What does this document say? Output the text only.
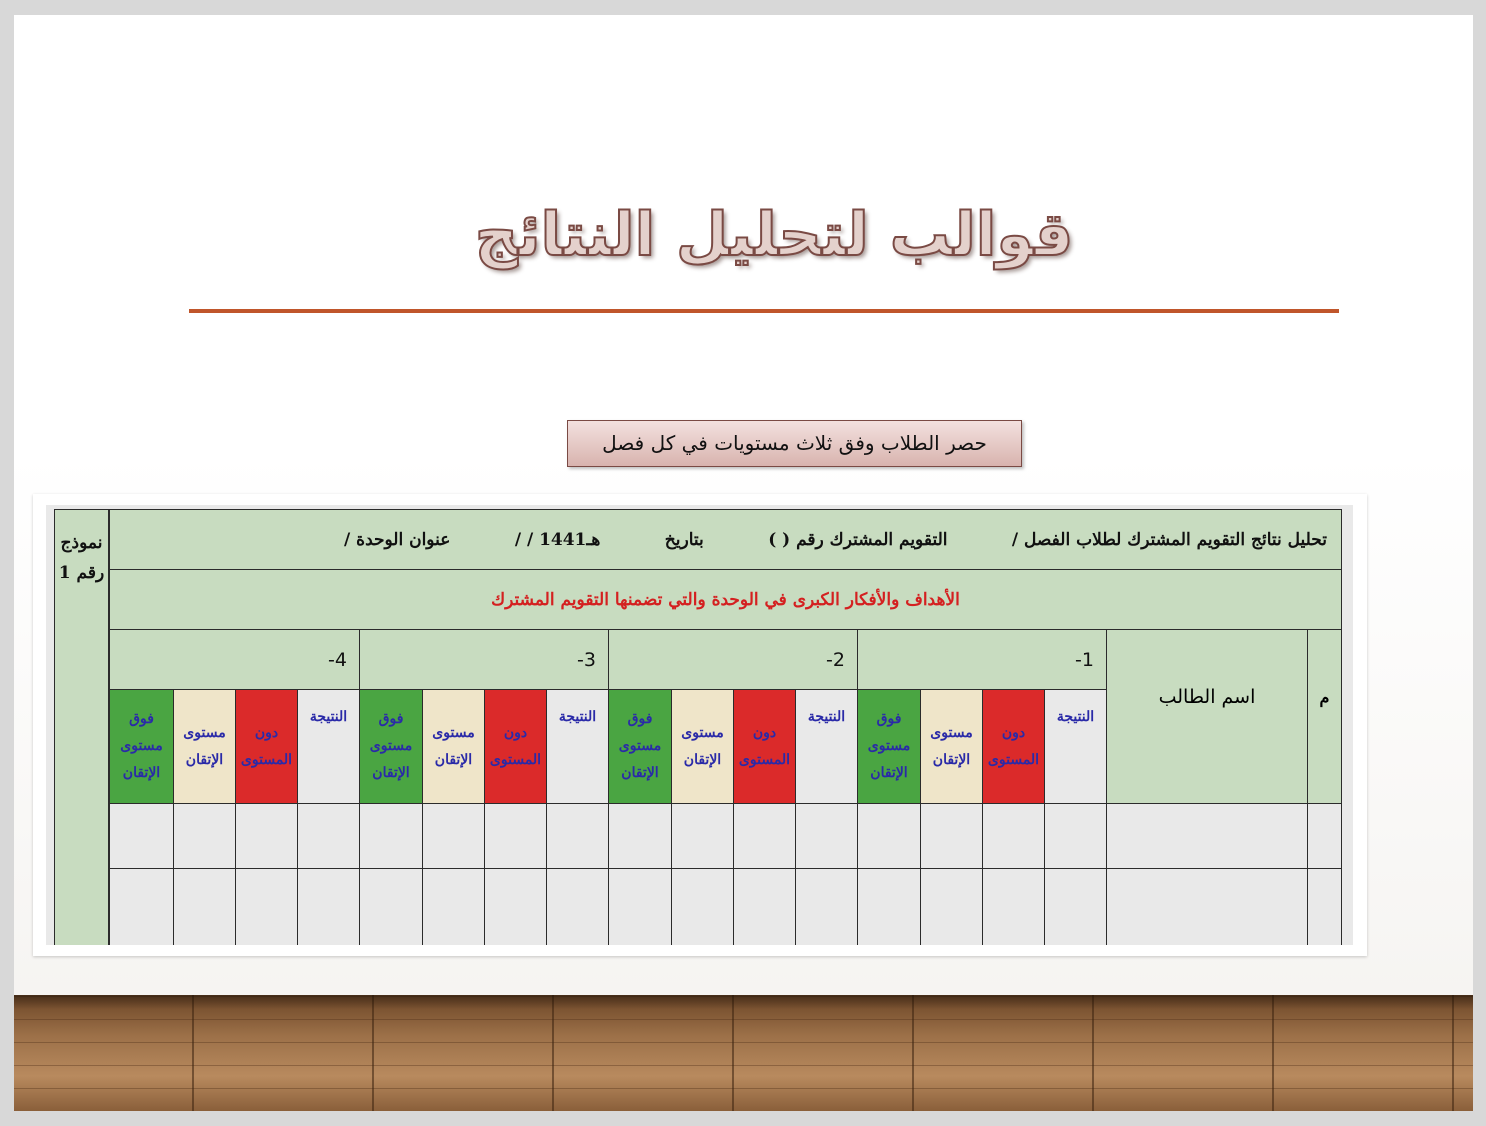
قوالب لتحليل النتائج
حصر الطلاب وفق ثلاث مستويات في كل فصل
نموذج رقم 1
تحليل نتائج التقويم المشترك لطلاب الفصل /
التقويم المشترك رقم ( )
بتاريخ
/ / 1441هـ
عنوان الوحدة /
الأهداف والأفكار الكبرى في الوحدة والتي تضمنها التقويم المشترك
م
اسم الطالب
1-
2-
3-
4-
النتيجة
دون المستوى
مستوى الإتقان
فوق مستوى الإتقان
النتيجة
دون المستوى
مستوى الإتقان
فوق مستوى الإتقان
النتيجة
دون المستوى
مستوى الإتقان
فوق مستوى الإتقان
النتيجة
دون المستوى
مستوى الإتقان
فوق مستوى الإتقان
